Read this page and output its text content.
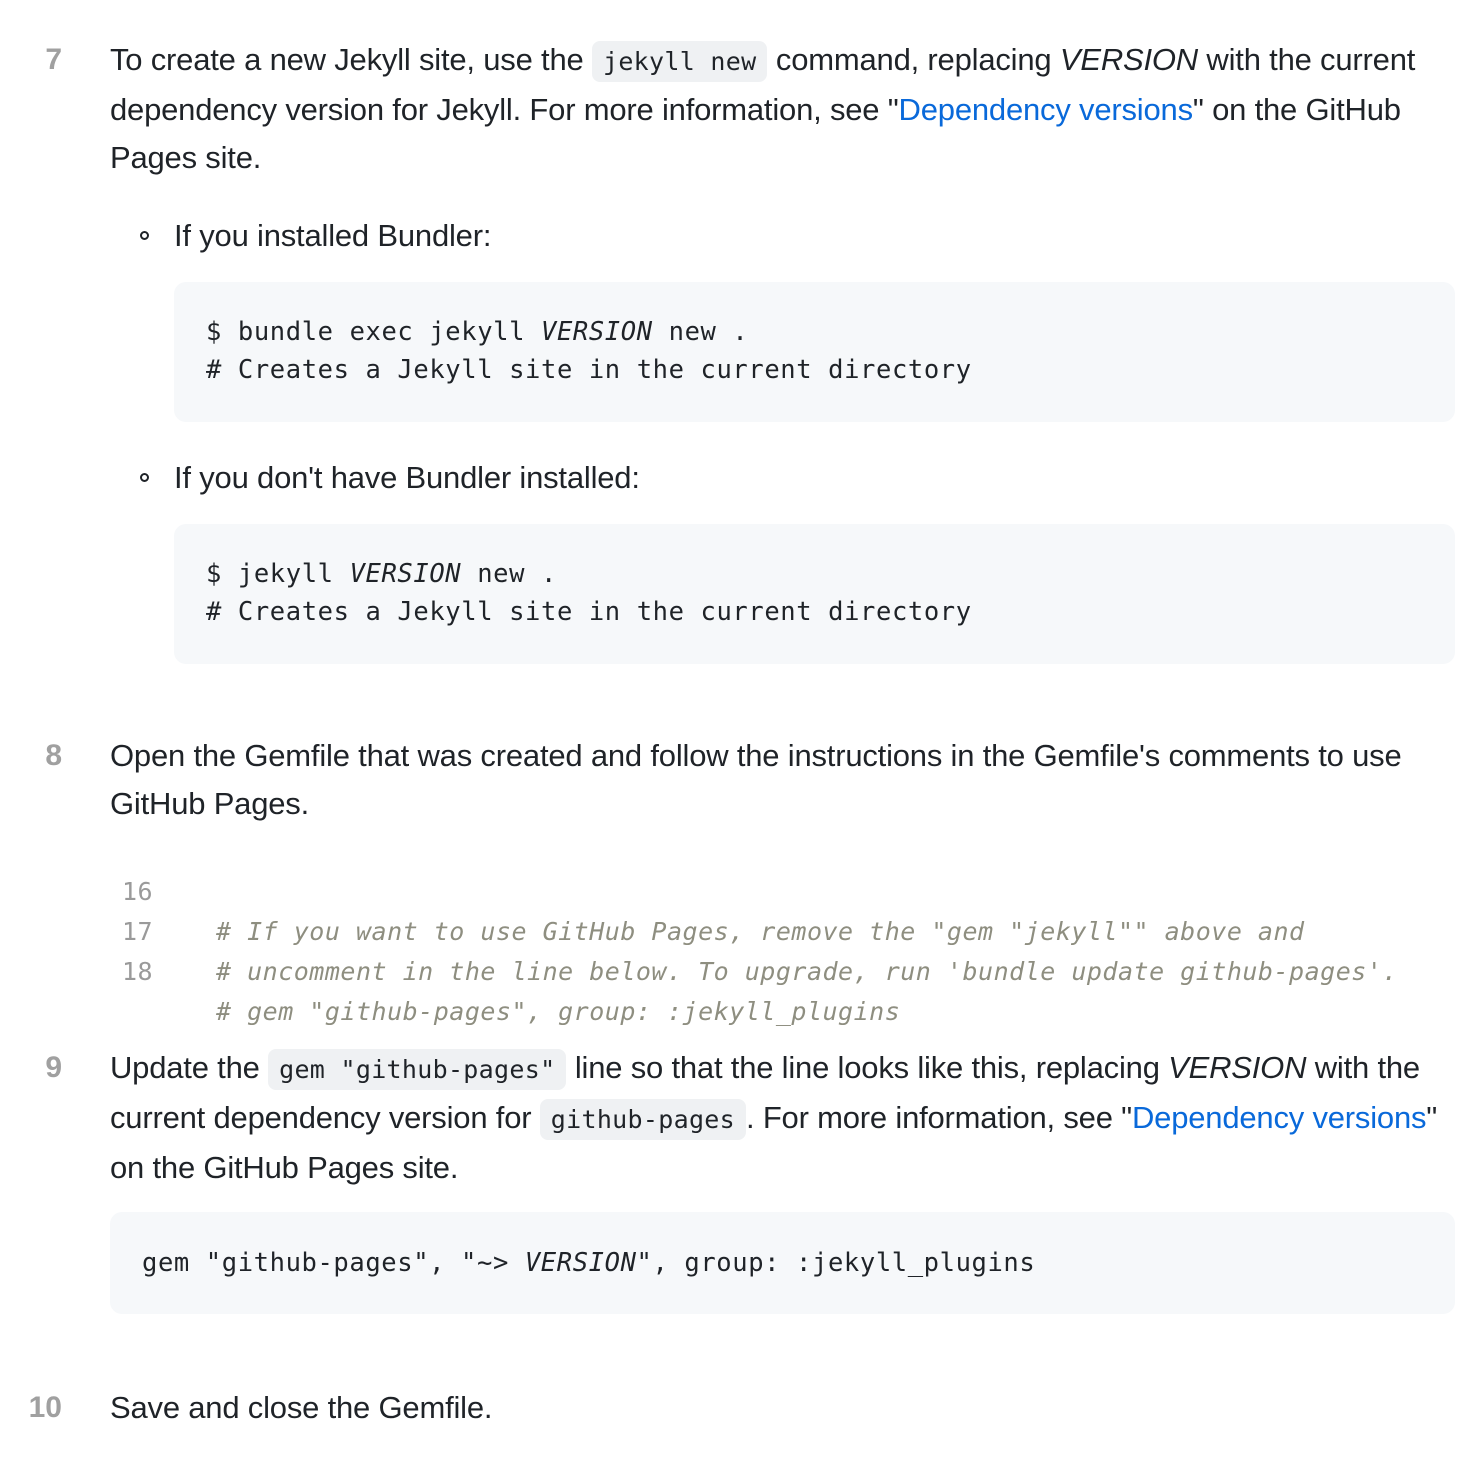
7 To create a new Jekyll site, use the jekyll new command, replacing VERSION with the current dependency version for Jekyll. For more information, see "Dependency versions" on the GitHub Pages site.

If you installed Bundler:

$ bundle exec jekyll VERSION new .
# Creates a Jekyll site in the current directory

If you don't have Bundler installed:

$ jekyll VERSION new .
# Creates a Jekyll site in the current directory
8 Open the Gemfile that was created and follow the instructions in the Gemfile's comments to use GitHub Pages.

16

# If you want to use GitHub Pages, remove the "gem "jekyll"" above and

17

# uncomment in the line below. To upgrade, run 'bundle update github-pages'.

18

# gem "github-pages", group: :jekyll_plugins

9 Update the gem "github-pages" line so that the line looks like this, replacing VERSION with the current dependency version for github-pages . For more information, see "Dependency versions" on the GitHub Pages site.

gem "github-pages", "~> VERSION", group: :jekyll_plugins
10 Save and close the Gemfile.
